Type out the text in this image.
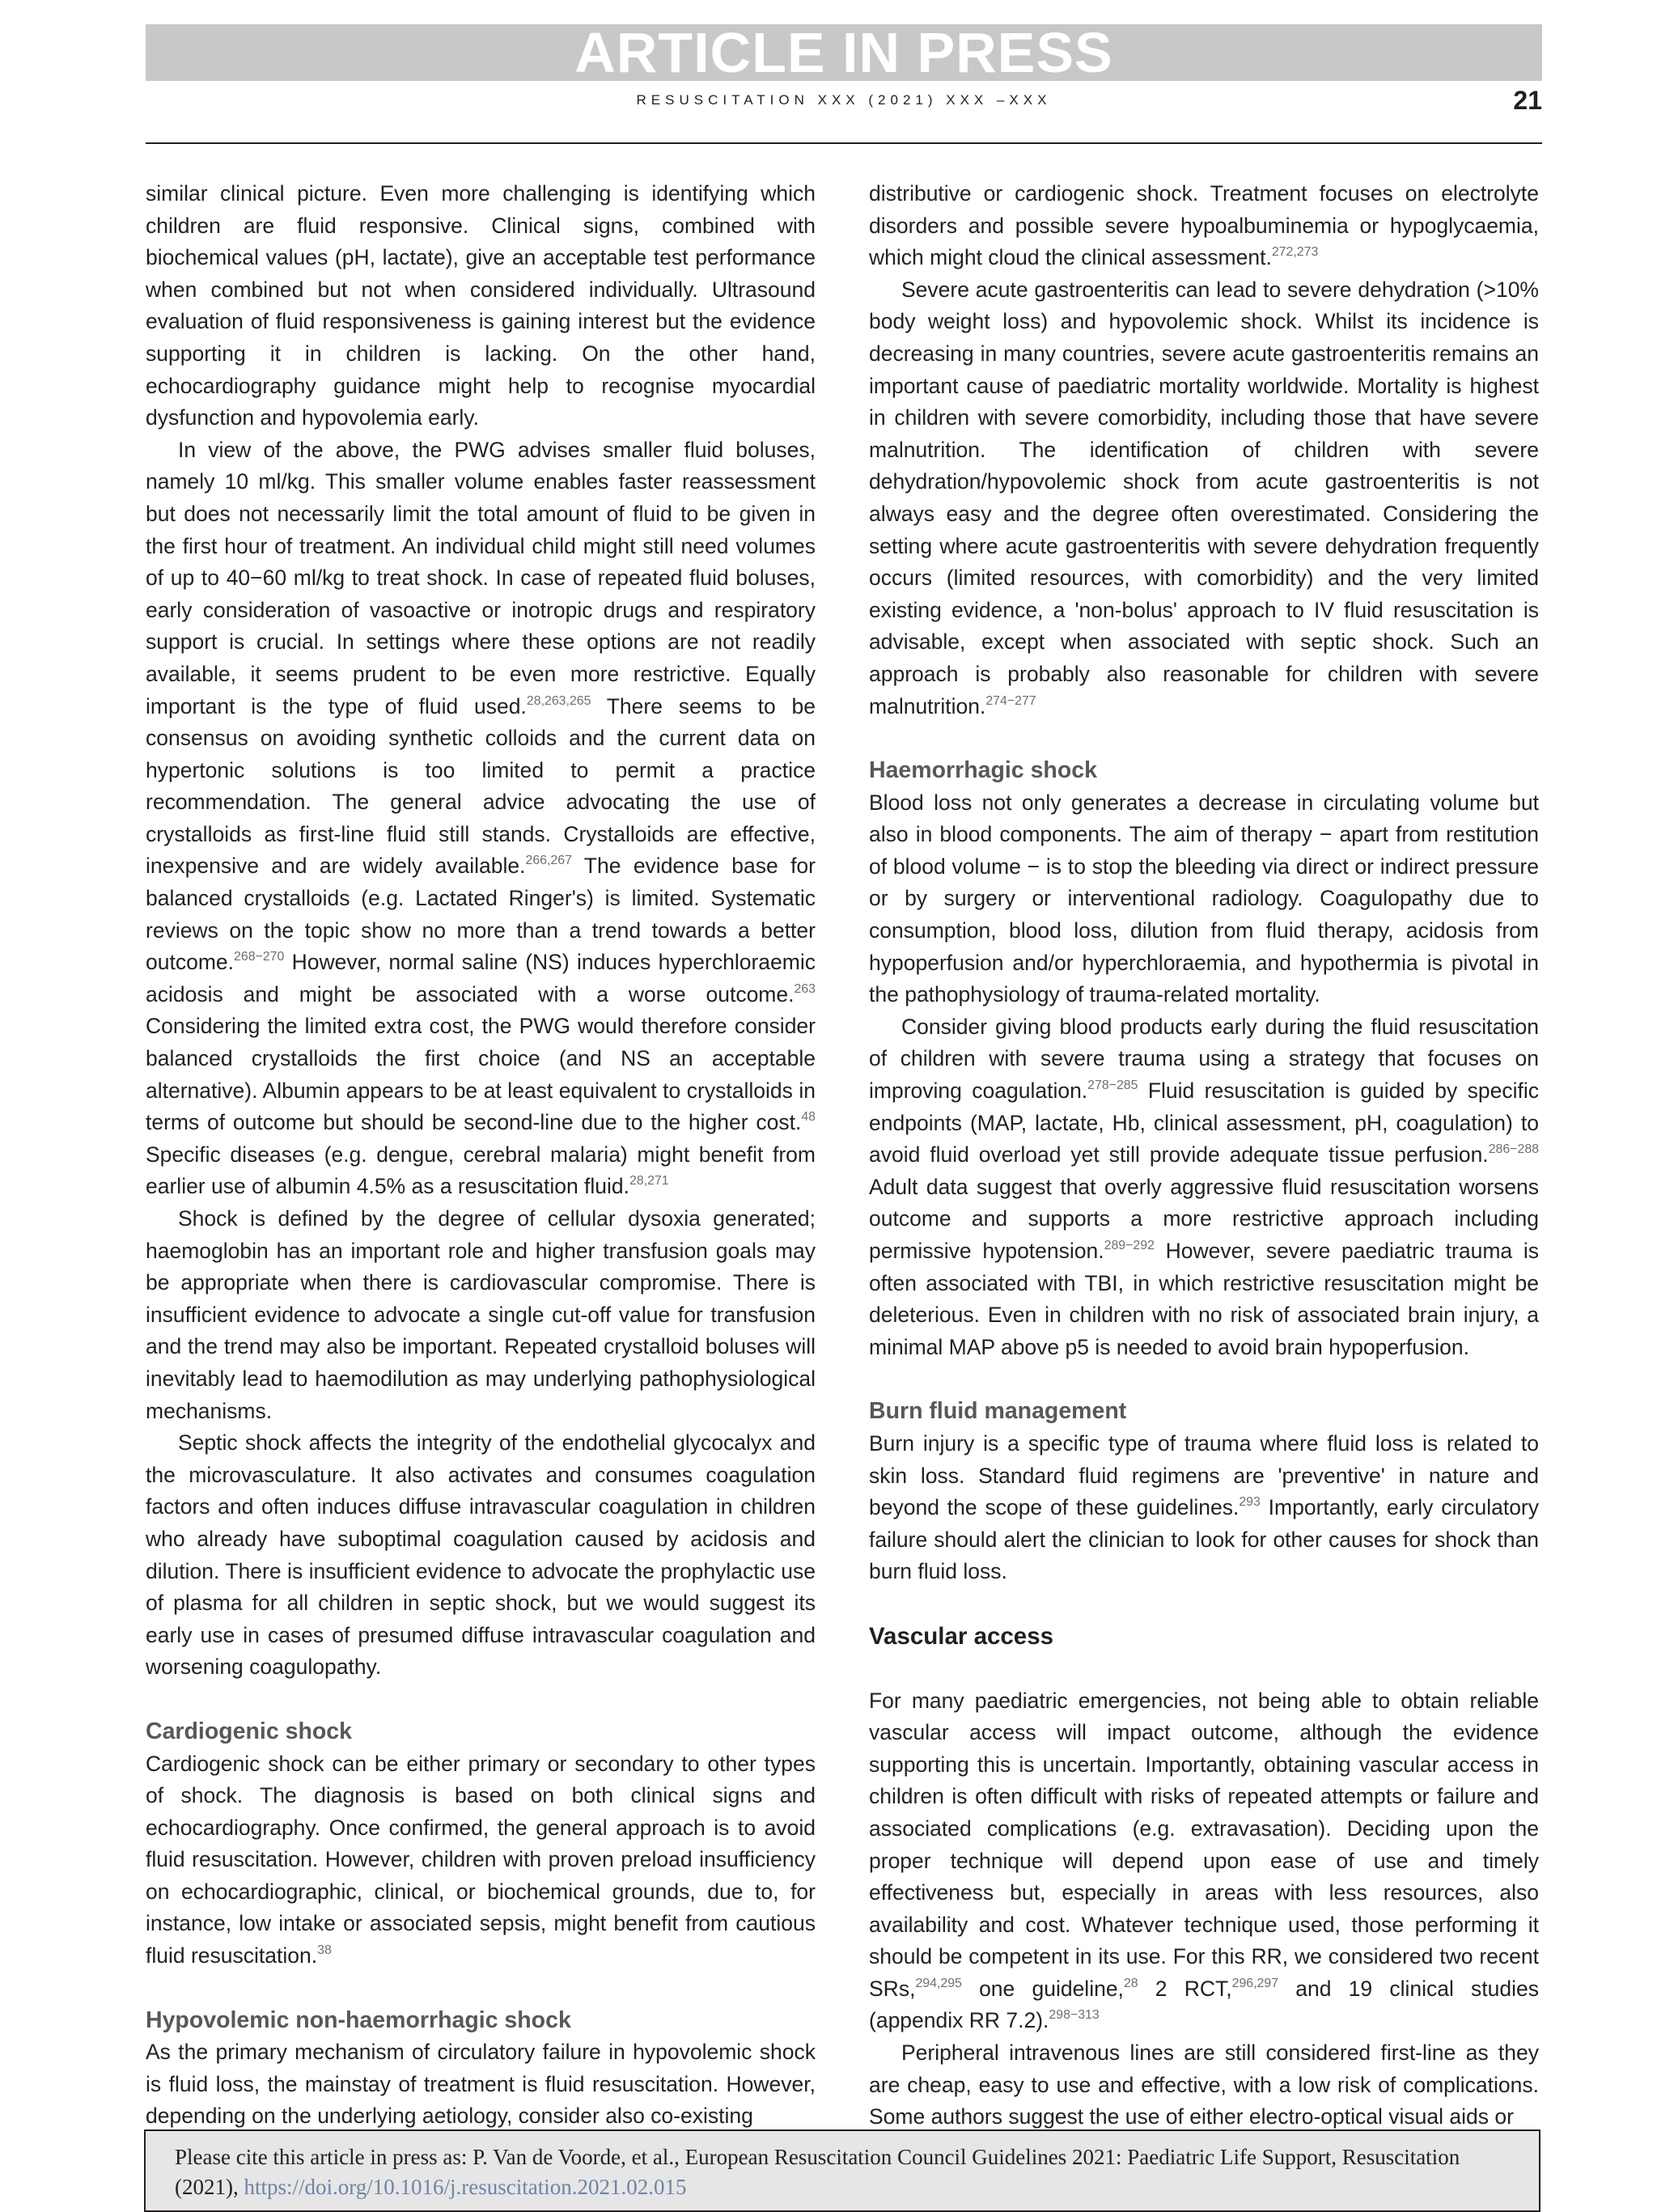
ARTICLE IN PRESS
RESUSCITATION XXX (2021) XXX –XXX	21

similar clinical picture. Even more challenging is identifying which children are fluid responsive. Clinical signs, combined with biochemical values (pH, lactate), give an acceptable test performance when combined but not when considered individually. Ultrasound evaluation of fluid responsiveness is gaining interest but the evidence supporting it in children is lacking. On the other hand, echocardiography guidance might help to recognise myocardial dysfunction and hypovolemia early.

In view of the above, the PWG advises smaller fluid boluses, namely 10 ml/kg. This smaller volume enables faster reassessment but does not necessarily limit the total amount of fluid to be given in the first hour of treatment. An individual child might still need volumes of up to 40−60 ml/kg to treat shock. In case of repeated fluid boluses, early consideration of vasoactive or inotropic drugs and respiratory support is crucial. In settings where these options are not readily available, it seems prudent to be even more restrictive. Equally important is the type of fluid used.$^{28,263,265}$ There seems to be consensus on avoiding synthetic colloids and the current data on hypertonic solutions is too limited to permit a practice recommendation. The general advice advocating the use of crystalloids as first-line fluid still stands. Crystalloids are effective, inexpensive and are widely available.$^{266,267}$ The evidence base for balanced crystalloids (e.g. Lactated Ringer's) is limited. Systematic reviews on the topic show no more than a trend towards a better outcome.$^{268-270}$ However, normal saline (NS) induces hyperchloraemic acidosis and might be associated with a worse outcome.$^{263}$ Considering the limited extra cost, the PWG would therefore consider balanced crystalloids the first choice (and NS an acceptable alternative). Albumin appears to be at least equivalent to crystalloids in terms of outcome but should be second-line due to the higher cost.$^{48}$ Specific diseases (e.g. dengue, cerebral malaria) might benefit from earlier use of albumin 4.5% as a resuscitation fluid.$^{28,271}$

Shock is defined by the degree of cellular dysoxia generated; haemoglobin has an important role and higher transfusion goals may be appropriate when there is cardiovascular compromise. There is insufficient evidence to advocate a single cut-off value for transfusion and the trend may also be important. Repeated crystalloid boluses will inevitably lead to haemodilution as may underlying pathophysiological mechanisms.

Septic shock affects the integrity of the endothelial glycocalyx and the microvasculature. It also activates and consumes coagulation factors and often induces diffuse intravascular coagulation in children who already have suboptimal coagulation caused by acidosis and dilution. There is insufficient evidence to advocate the prophylactic use of plasma for all children in septic shock, but we would suggest its early use in cases of presumed diffuse intravascular coagulation and worsening coagulopathy.

Cardiogenic shock

Cardiogenic shock can be either primary or secondary to other types of shock. The diagnosis is based on both clinical signs and echocardiography. Once confirmed, the general approach is to avoid fluid resuscitation. However, children with proven preload insufficiency on echocardiographic, clinical, or biochemical grounds, due to, for instance, low intake or associated sepsis, might benefit from cautious fluid resuscitation.$^{38}$

Hypovolemic non-haemorrhagic shock

As the primary mechanism of circulatory failure in hypovolemic shock is fluid loss, the mainstay of treatment is fluid resuscitation. However, depending on the underlying aetiology, consider also co-existing

distributive or cardiogenic shock. Treatment focuses on electrolyte disorders and possible severe hypoalbuminemia or hypoglycaemia, which might cloud the clinical assessment.$^{272,273}$

Severe acute gastroenteritis can lead to severe dehydration (>10% body weight loss) and hypovolemic shock. Whilst its incidence is decreasing in many countries, severe acute gastroenteritis remains an important cause of paediatric mortality worldwide. Mortality is highest in children with severe comorbidity, including those that have severe malnutrition. The identification of children with severe dehydration/hypovolemic shock from acute gastroenteritis is not always easy and the degree often overestimated. Considering the setting where acute gastroenteritis with severe dehydration frequently occurs (limited resources, with comorbidity) and the very limited existing evidence, a 'non-bolus' approach to IV fluid resuscitation is advisable, except when associated with septic shock. Such an approach is probably also reasonable for children with severe malnutrition.$^{274-277}$

Haemorrhagic shock

Blood loss not only generates a decrease in circulating volume but also in blood components. The aim of therapy − apart from restitution of blood volume − is to stop the bleeding via direct or indirect pressure or by surgery or interventional radiology. Coagulopathy due to consumption, blood loss, dilution from fluid therapy, acidosis from hypoperfusion and/or hyperchloraemia, and hypothermia is pivotal in the pathophysiology of trauma-related mortality.

Consider giving blood products early during the fluid resuscitation of children with severe trauma using a strategy that focuses on improving coagulation.$^{278-285}$ Fluid resuscitation is guided by specific endpoints (MAP, lactate, Hb, clinical assessment, pH, coagulation) to avoid fluid overload yet still provide adequate tissue perfusion.$^{286-288}$ Adult data suggest that overly aggressive fluid resuscitation worsens outcome and supports a more restrictive approach including permissive hypotension.$^{289-292}$ However, severe paediatric trauma is often associated with TBI, in which restrictive resuscitation might be deleterious. Even in children with no risk of associated brain injury, a minimal MAP above p5 is needed to avoid brain hypoperfusion.

Burn fluid management

Burn injury is a specific type of trauma where fluid loss is related to skin loss. Standard fluid regimens are 'preventive' in nature and beyond the scope of these guidelines.$^{293}$ Importantly, early circulatory failure should alert the clinician to look for other causes for shock than burn fluid loss.

Vascular access

For many paediatric emergencies, not being able to obtain reliable vascular access will impact outcome, although the evidence supporting this is uncertain. Importantly, obtaining vascular access in children is often difficult with risks of repeated attempts or failure and associated complications (e.g. extravasation). Deciding upon the proper technique will depend upon ease of use and timely effectiveness but, especially in areas with less resources, also availability and cost. Whatever technique used, those performing it should be competent in its use. For this RR, we considered two recent SRs,$^{294,295}$ one guideline,$^{28}$ 2 RCT,$^{296,297}$ and 19 clinical studies (appendix RR 7.2).$^{298-313}$

Peripheral intravenous lines are still considered first-line as they are cheap, easy to use and effective, with a low risk of complications. Some authors suggest the use of either electro-optical visual aids or

Please cite this article in press as: P. Van de Voorde, et al., European Resuscitation Council Guidelines 2021: Paediatric Life Support, Resuscitation (2021), https://doi.org/10.1016/j.resuscitation.2021.02.015
